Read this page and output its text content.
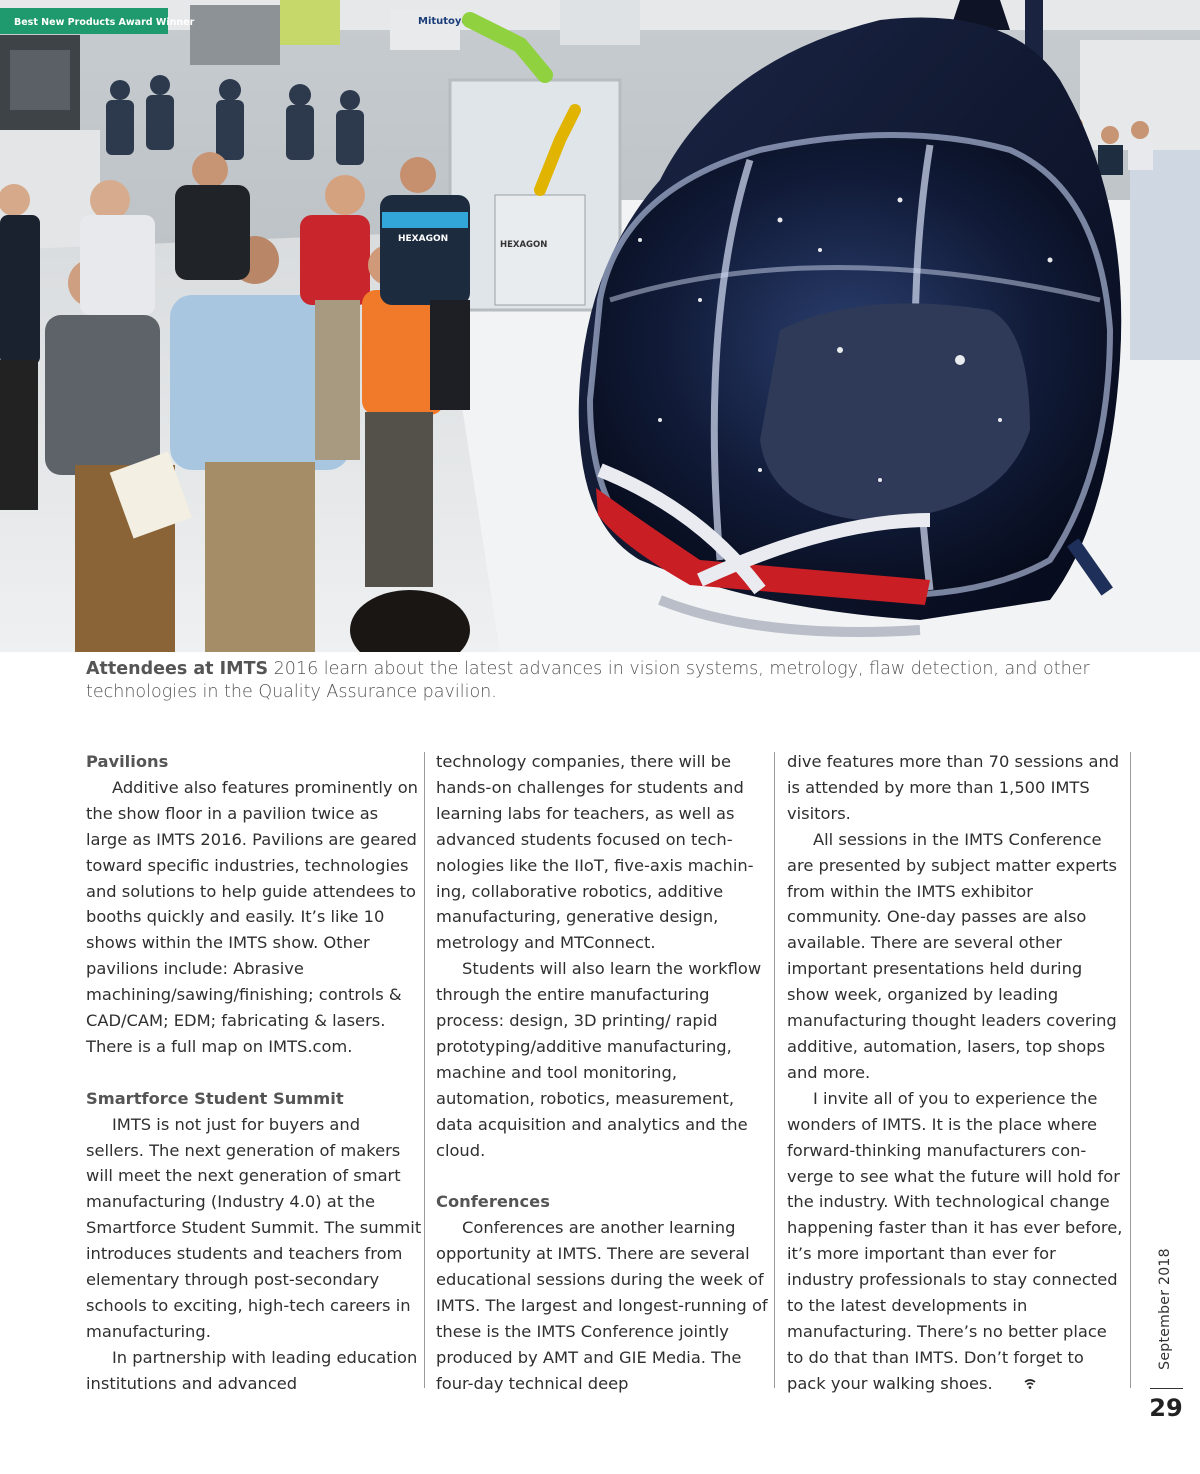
Best New Products Award Winner	Mitutoyo
HEXAGON
HEXAGON
Attendees at IMTS 2016 learn about the latest advances in vision systems, metrology, flaw detection, and other technologies in the Quality Assurance pavilion.
Pavilions

Additive also features prominently on the show floor in a pavilion twice as large as IMTS 2016. Pavilions are geared toward specific industries, technologies and solutions to help guide attendees to booths quickly and easily. It’s like 10 shows within the IMTS show. Other pavilions include: Abrasive machining/sawing/finishing; controls & CAD/CAM; EDM; fabricating & lasers. There is a full map on IMTS.com.

Smartforce Student Summit

IMTS is not just for buyers and sellers. The next generation of makers will meet the next generation of smart manufacturing (Industry 4.0) at the Smartforce Student Summit. The summit introduces students and teachers from elementary through post-secondary schools to exciting, high-tech careers in manufacturing.

In partnership with leading education institutions and advanced

technology companies, there will be hands-on challenges for students and learning labs for teachers, as well as advanced students focused on technologies like the IIoT, five-axis machining, collaborative robotics, additive manufacturing, generative design, metrology and MTConnect.

Students will also learn the workflow through the entire manufacturing process: design, 3D printing/ rapid prototyping/additive manufacturing, machine and tool monitoring, automation, robotics, measurement, data acquisition and analytics and the cloud.

Conferences

Conferences are another learning opportunity at IMTS. There are several educational sessions during the week of IMTS. The largest and longest-running of these is the IMTS Conference jointly produced by AMT and GIE Media. The four-day technical deep

dive features more than 70 sessions and is attended by more than 1,500 IMTS visitors.

All sessions in the IMTS Conference are presented by subject matter experts from within the IMTS exhibitor community. One-day passes are also available. There are several other important presentations held during show week, organized by leading manufacturing thought leaders covering additive, automation, lasers, top shops and more.

I invite all of you to experience the wonders of IMTS. It is the place where forward-thinking manufacturers converge to see what the future will hold for the industry. With technological change happening faster than it has ever before, it’s more important than ever for industry professionals to stay connected to the latest developments in manufacturing. There’s no better place to do that than IMTS. Don’t forget to pack your walking shoes.

September 2018
29
